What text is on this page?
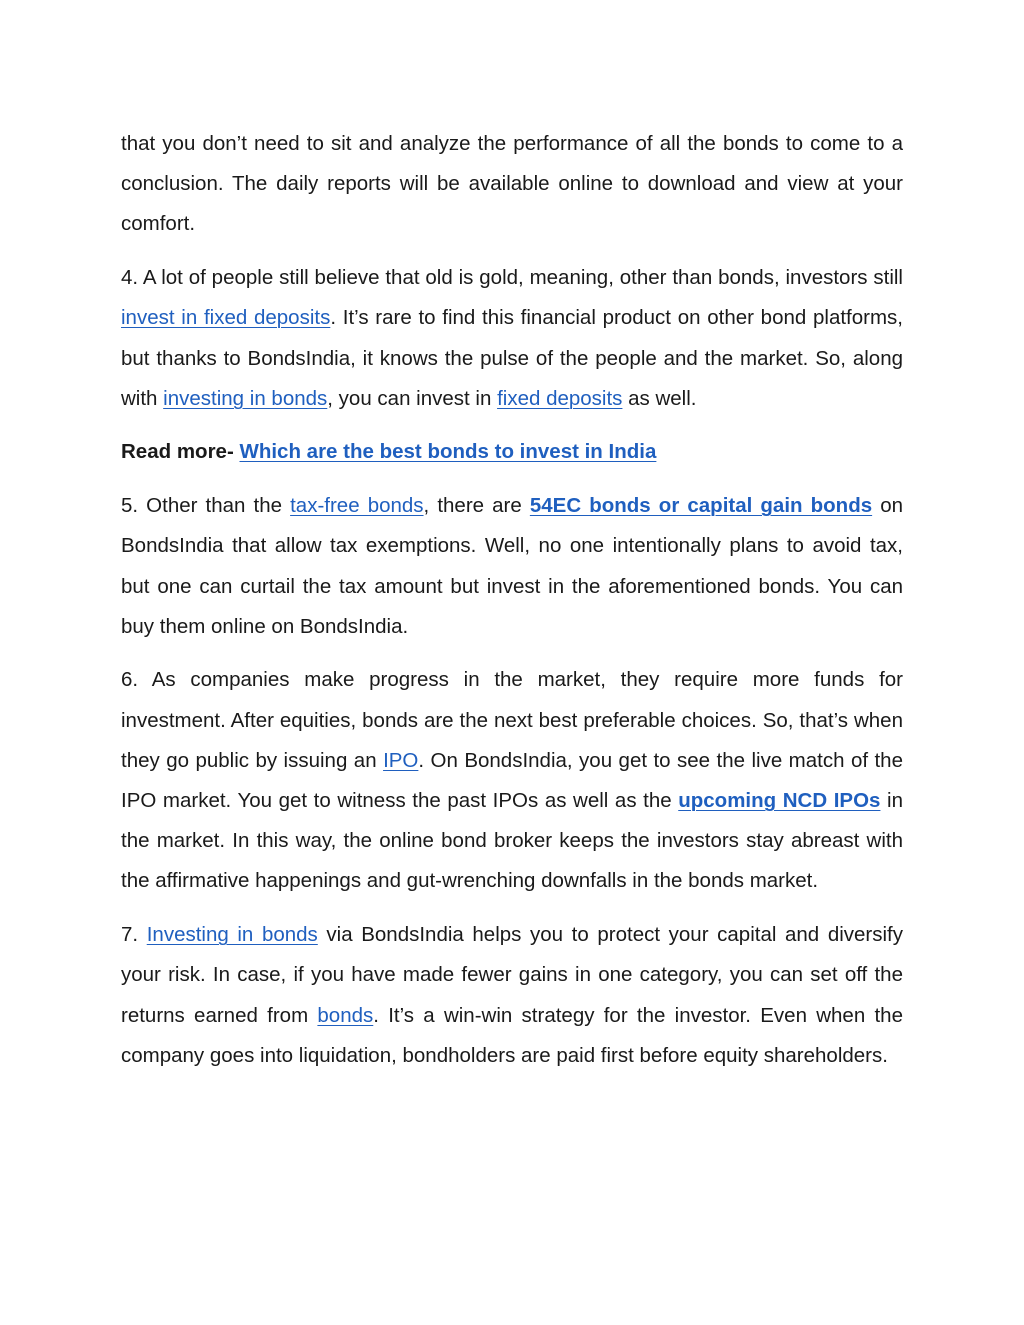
that you don’t need to sit and analyze the performance of all the bonds to come to a conclusion. The daily reports will be available online to download and view at your comfort.

4. A lot of people still believe that old is gold, meaning, other than bonds, investors still invest in fixed deposits. It’s rare to find this financial product on other bond platforms, but thanks to BondsIndia, it knows the pulse of the people and the market. So, along with investing in bonds, you can invest in fixed deposits as well.

Read more- Which are the best bonds to invest in India

5. Other than the tax-free bonds, there are 54EC bonds or capital gain bonds on BondsIndia that allow tax exemptions. Well, no one intentionally plans to avoid tax, but one can curtail the tax amount but invest in the aforementioned bonds. You can buy them online on BondsIndia.

6. As companies make progress in the market, they require more funds for investment. After equities, bonds are the next best preferable choices. So, that’s when they go public by issuing an IPO. On BondsIndia, you get to see the live match of the IPO market. You get to witness the past IPOs as well as the upcoming NCD IPOs in the market. In this way, the online bond broker keeps the investors stay abreast with the affirmative happenings and gut-wrenching downfalls in the bonds market.

7. Investing in bonds via BondsIndia helps you to protect your capital and diversify your risk. In case, if you have made fewer gains in one category, you can set off the returns earned from bonds. It’s a win-win strategy for the investor. Even when the company goes into liquidation, bondholders are paid first before equity shareholders.
